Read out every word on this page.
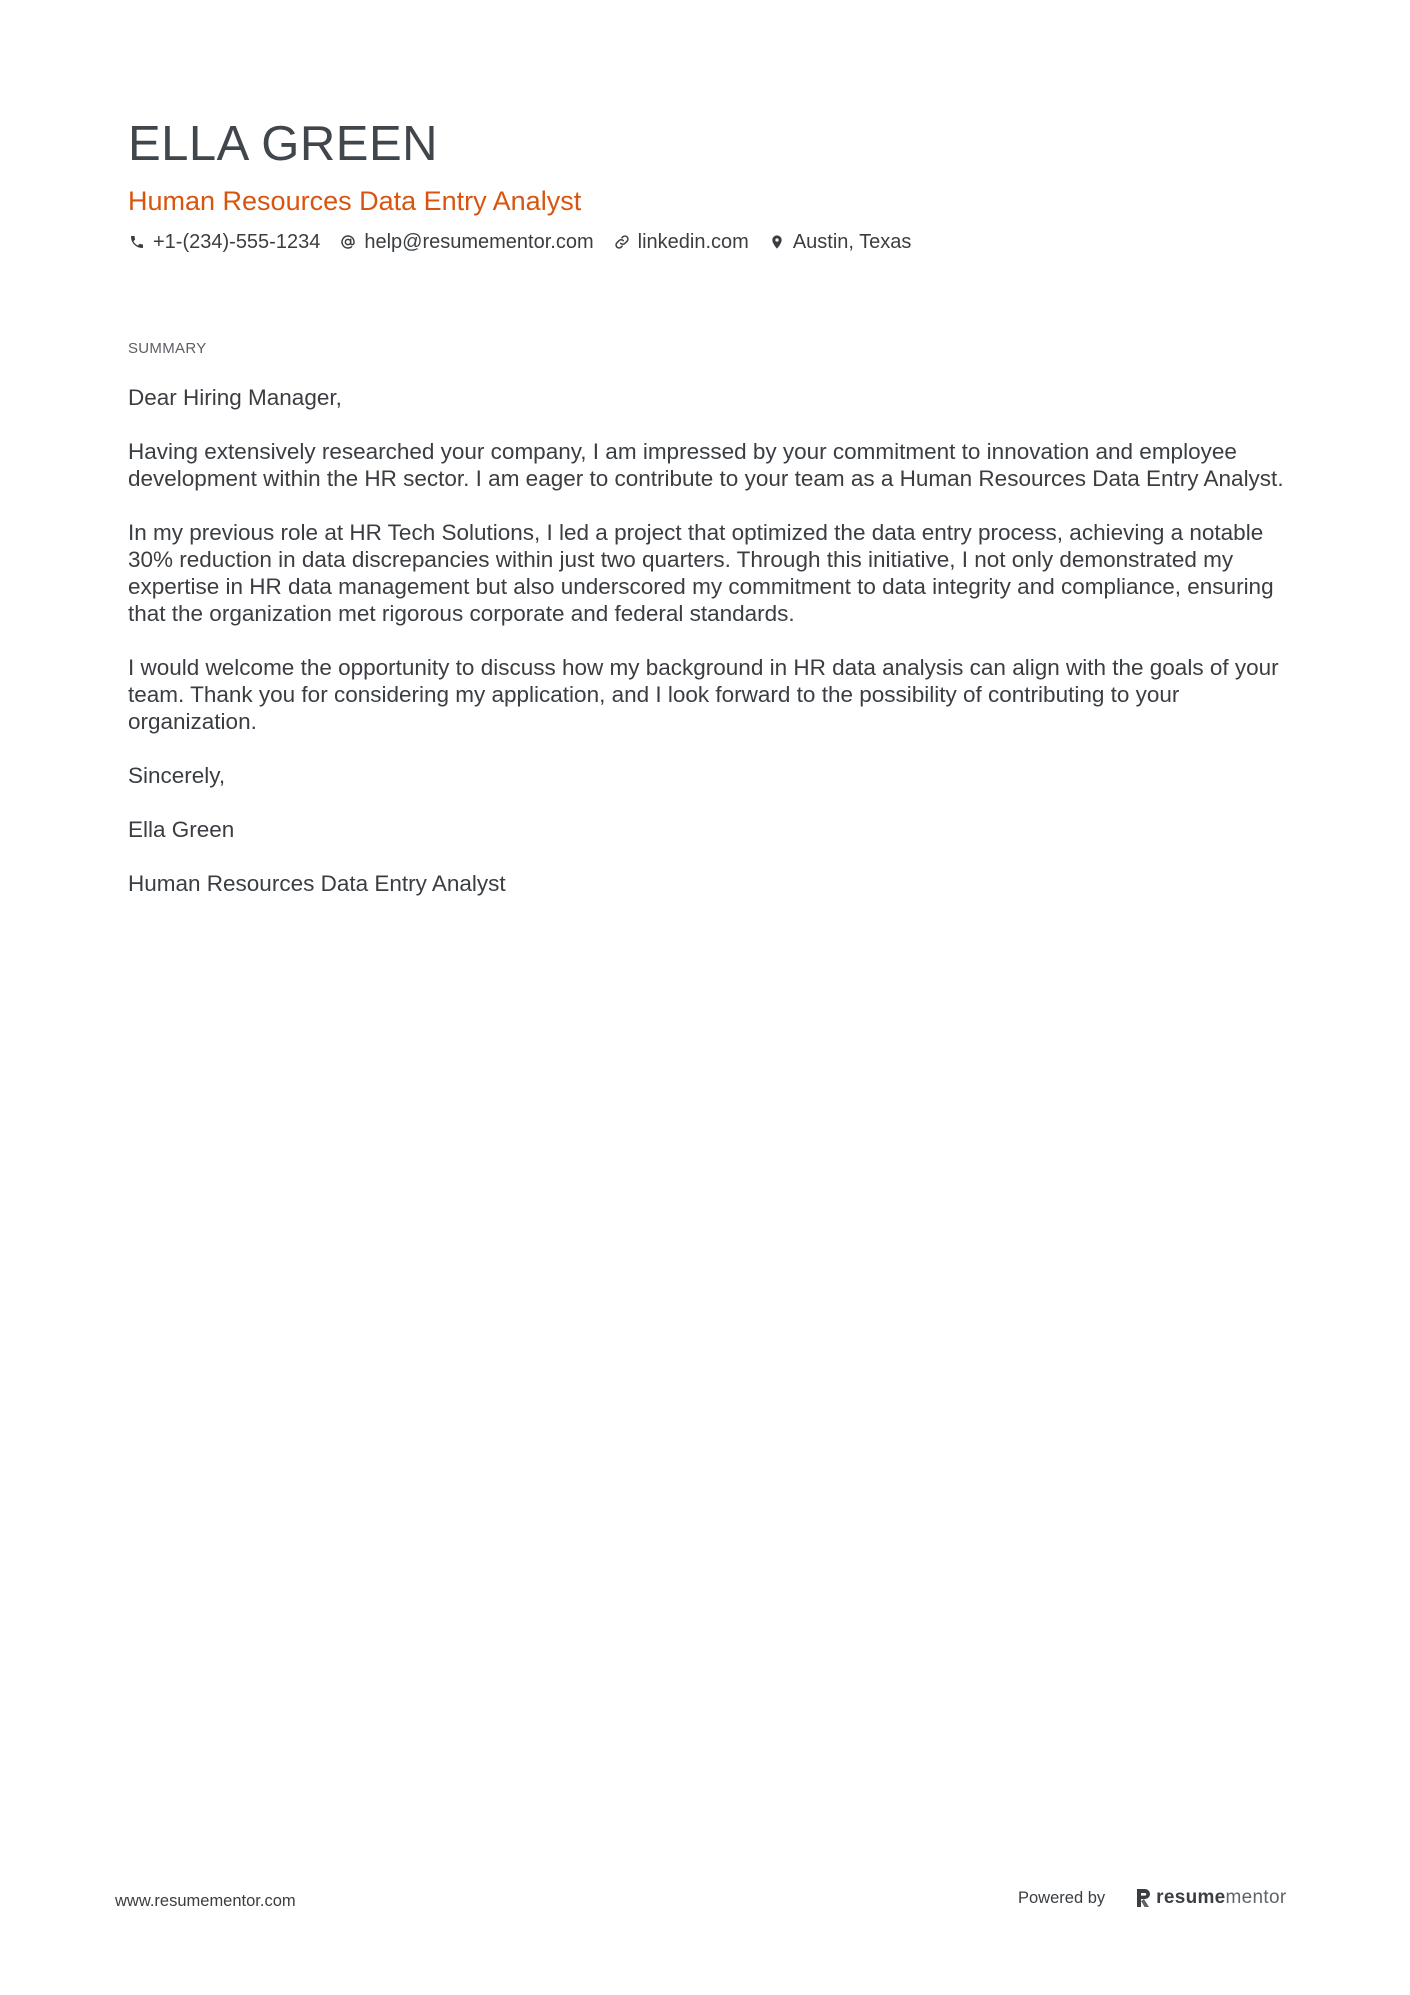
ELLA GREEN
Human Resources Data Entry Analyst
+1-(234)-555-1234 help@resumementor.com linkedin.com Austin, Texas
SUMMARY

Dear Hiring Manager,

Having extensively researched your company, I am impressed by your commitment to innovation and employee development within the HR sector. I am eager to contribute to your team as a Human Resources Data Entry Analyst.

In my previous role at HR Tech Solutions, I led a project that optimized the data entry process, achieving a notable 30% reduction in data discrepancies within just two quarters. Through this initiative, I not only demonstrated my expertise in HR data management but also underscored my commitment to data integrity and compliance, ensuring that the organization met rigorous corporate and federal standards.

I would welcome the opportunity to discuss how my background in HR data analysis can align with the goals of your team. Thank you for considering my application, and I look forward to the possibility of contributing to your organization.

Sincerely,

Ella Green

Human Resources Data Entry Analyst

www.resumementor.com	Powered by	resume mentor
